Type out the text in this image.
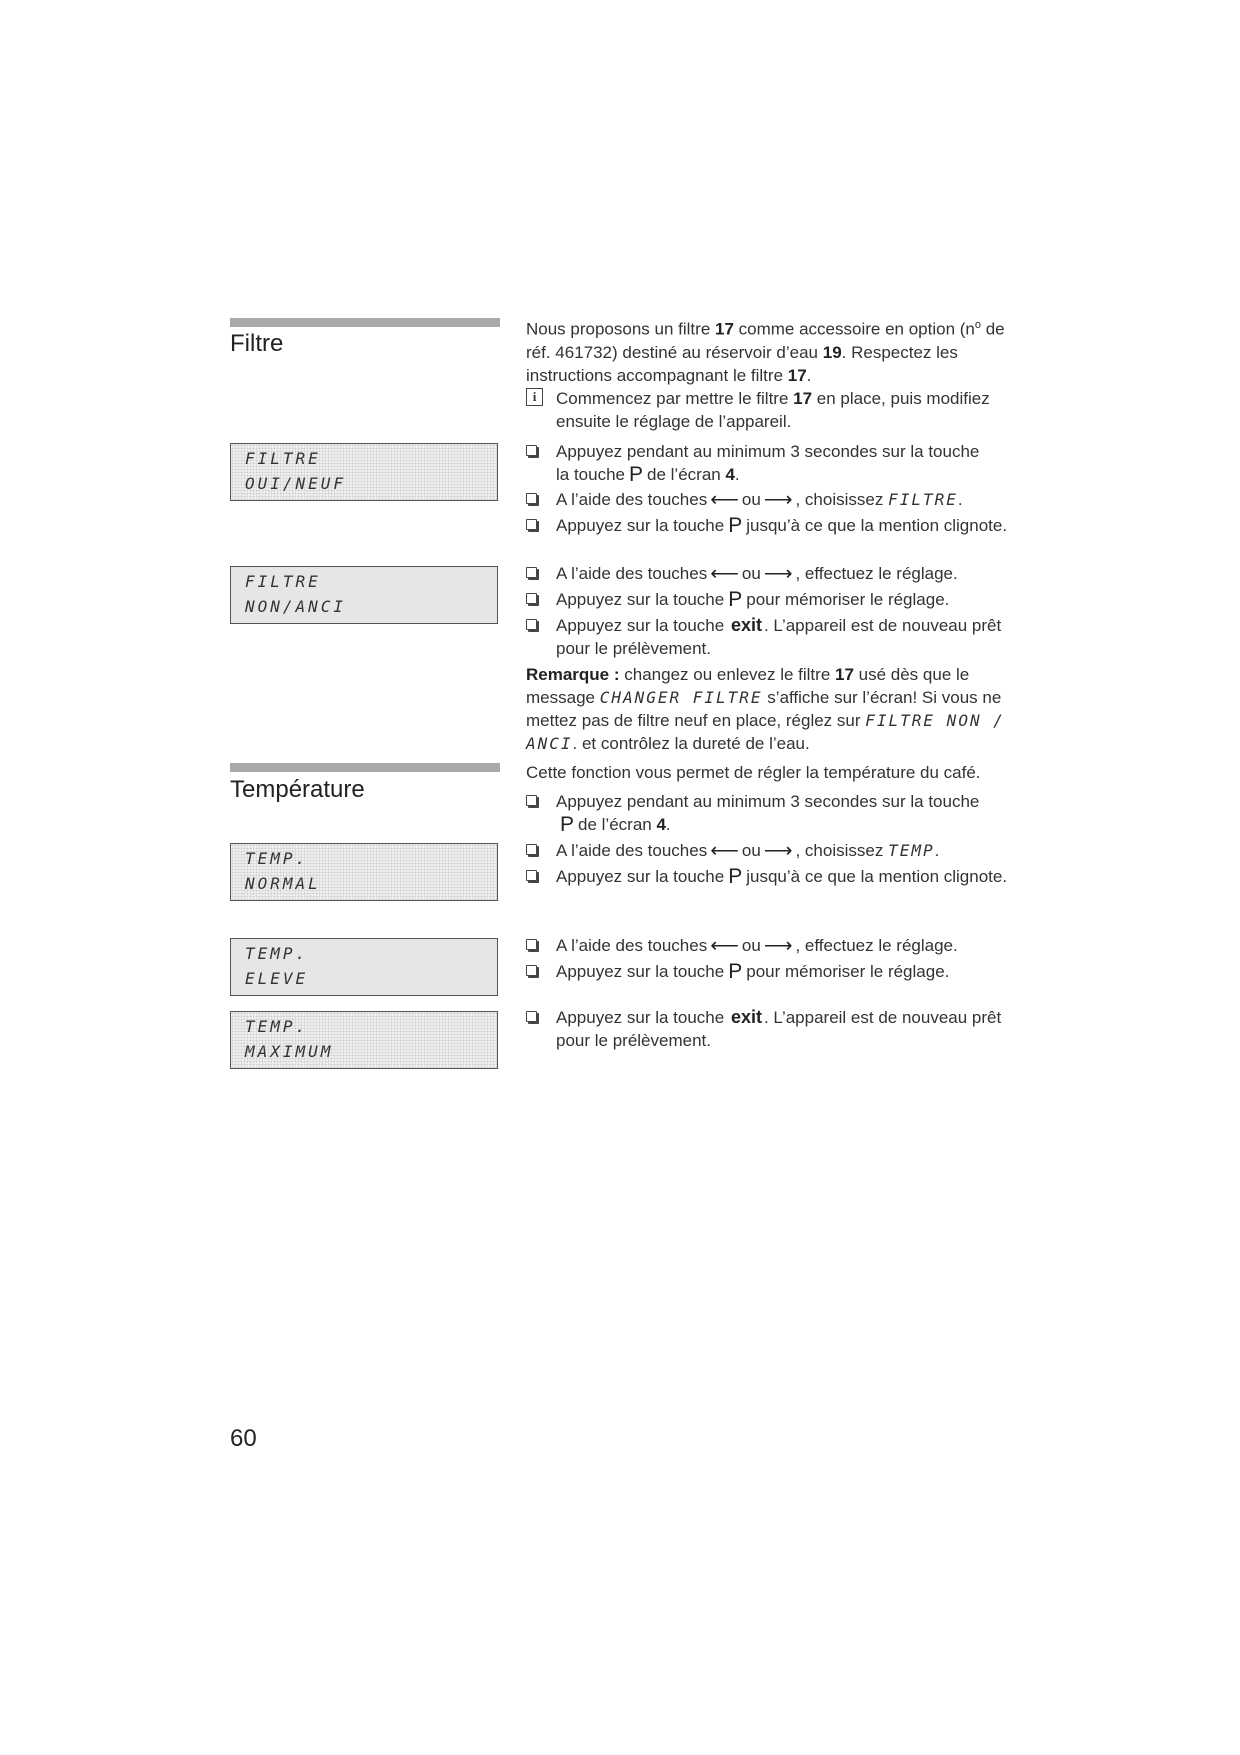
Filtre
FILTRE
OUI/NEUF
FILTRE
NON/ANCI

Nous proposons un filtre 17 comme accessoire en option ($n^o$ de réf. 461732) destiné au réservoir d’eau 19. Respectez les instructions accompagnant le filtre 17.

i	Commencez par mettre le filtre 17 en place, puis modifiez ensuite le réglage de l’appareil.
Appuyez pendant au minimum 3 secondes sur la touche
la touche P de l’écran 4.
A l’aide des touches ⟵ ou ⟶ , choisissez FILTRE.
Appuyez sur la touche P jusqu’à ce que la mention clignote.
A l’aide des touches ⟵ ou ⟶ , effectuez le réglage.
Appuyez sur la touche P pour mémoriser le réglage.
Appuyez sur la touche exit . L’appareil est de nouveau prêt pour le prélèvement.

Remarque : changez ou enlevez le filtre 17 usé dès que le message CHANGER FILTRE s’affiche sur l’écran! Si vous ne mettez pas de filtre neuf en place, réglez sur FILTRE NON / ANCI. et contrôlez la dureté de l’eau.

Température
TEMP.
NORMAL
TEMP.
ELEVE
TEMP.
MAXIMUM

Cette fonction vous permet de régler la température du café.

Appuyez pendant au minimum 3 secondes sur la touche
P de l’écran 4.
A l’aide des touches ⟵ ou ⟶ , choisissez TEMP.
Appuyez sur la touche P jusqu’à ce que la mention clignote.
A l’aide des touches ⟵ ou ⟶ , effectuez le réglage.
Appuyez sur la touche P pour mémoriser le réglage.
Appuyez sur la touche exit . L’appareil est de nouveau prêt pour le prélèvement.
60
